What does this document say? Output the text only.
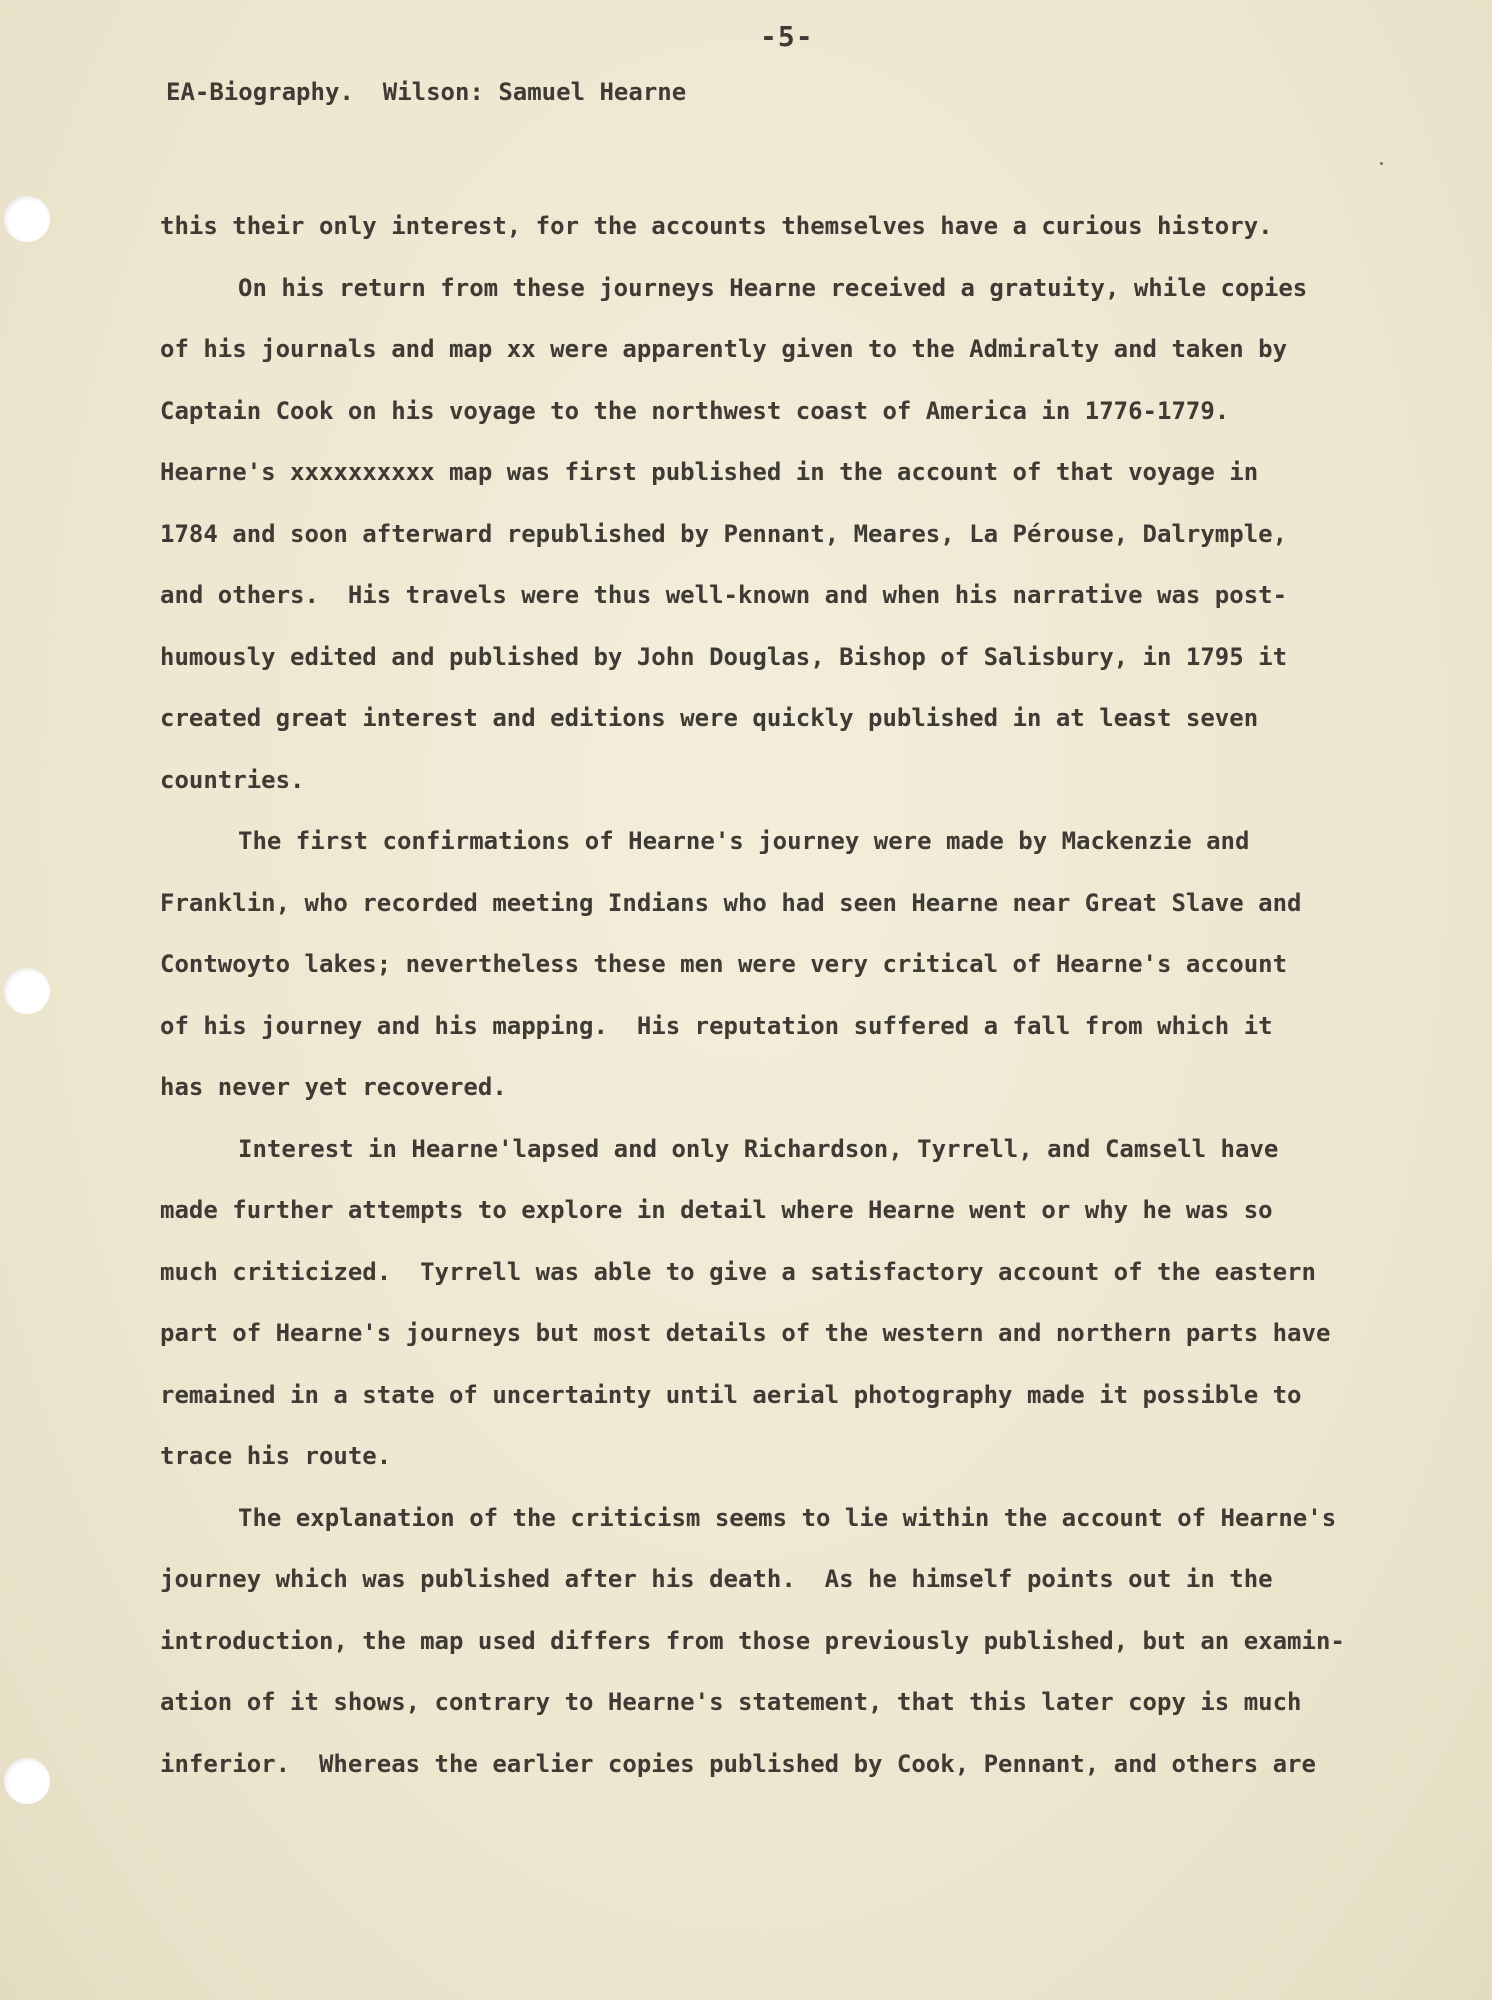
-5-
EA-Biography.  Wilson: Samuel Hearne
this their only interest, for the accounts themselves have a curious history.
On his return from these journeys Hearne received a gratuity, while copies
of his journals and map xx were apparently given to the Admiralty and taken by
Captain Cook on his voyage to the northwest coast of America in 1776-1779.
Hearne's xxxxxxxxxx map was first published in the account of that voyage in
1784 and soon afterward republished by Pennant, Meares, La Pérouse, Dalrymple,
and others.  His travels were thus well-known and when his narrative was post-
humously edited and published by John Douglas, Bishop of Salisbury, in 1795 it
created great interest and editions were quickly published in at least seven
countries.
The first confirmations of Hearne's journey were made by Mackenzie and
Franklin, who recorded meeting Indians who had seen Hearne near Great Slave and
Contwoyto lakes; nevertheless these men were very critical of Hearne's account
of his journey and his mapping.  His reputation suffered a fall from which it
has never yet recovered.
Interest in Hearne'lapsed and only Richardson, Tyrrell, and Camsell have
made further attempts to explore in detail where Hearne went or why he was so
much criticized.  Tyrrell was able to give a satisfactory account of the eastern
part of Hearne's journeys but most details of the western and northern parts have
remained in a state of uncertainty until aerial photography made it possible to
trace his route.
The explanation of the criticism seems to lie within the account of Hearne's
journey which was published after his death.  As he himself points out in the
introduction, the map used differs from those previously published, but an examin-
ation of it shows, contrary to Hearne's statement, that this later copy is much
inferior.  Whereas the earlier copies published by Cook, Pennant, and others are
